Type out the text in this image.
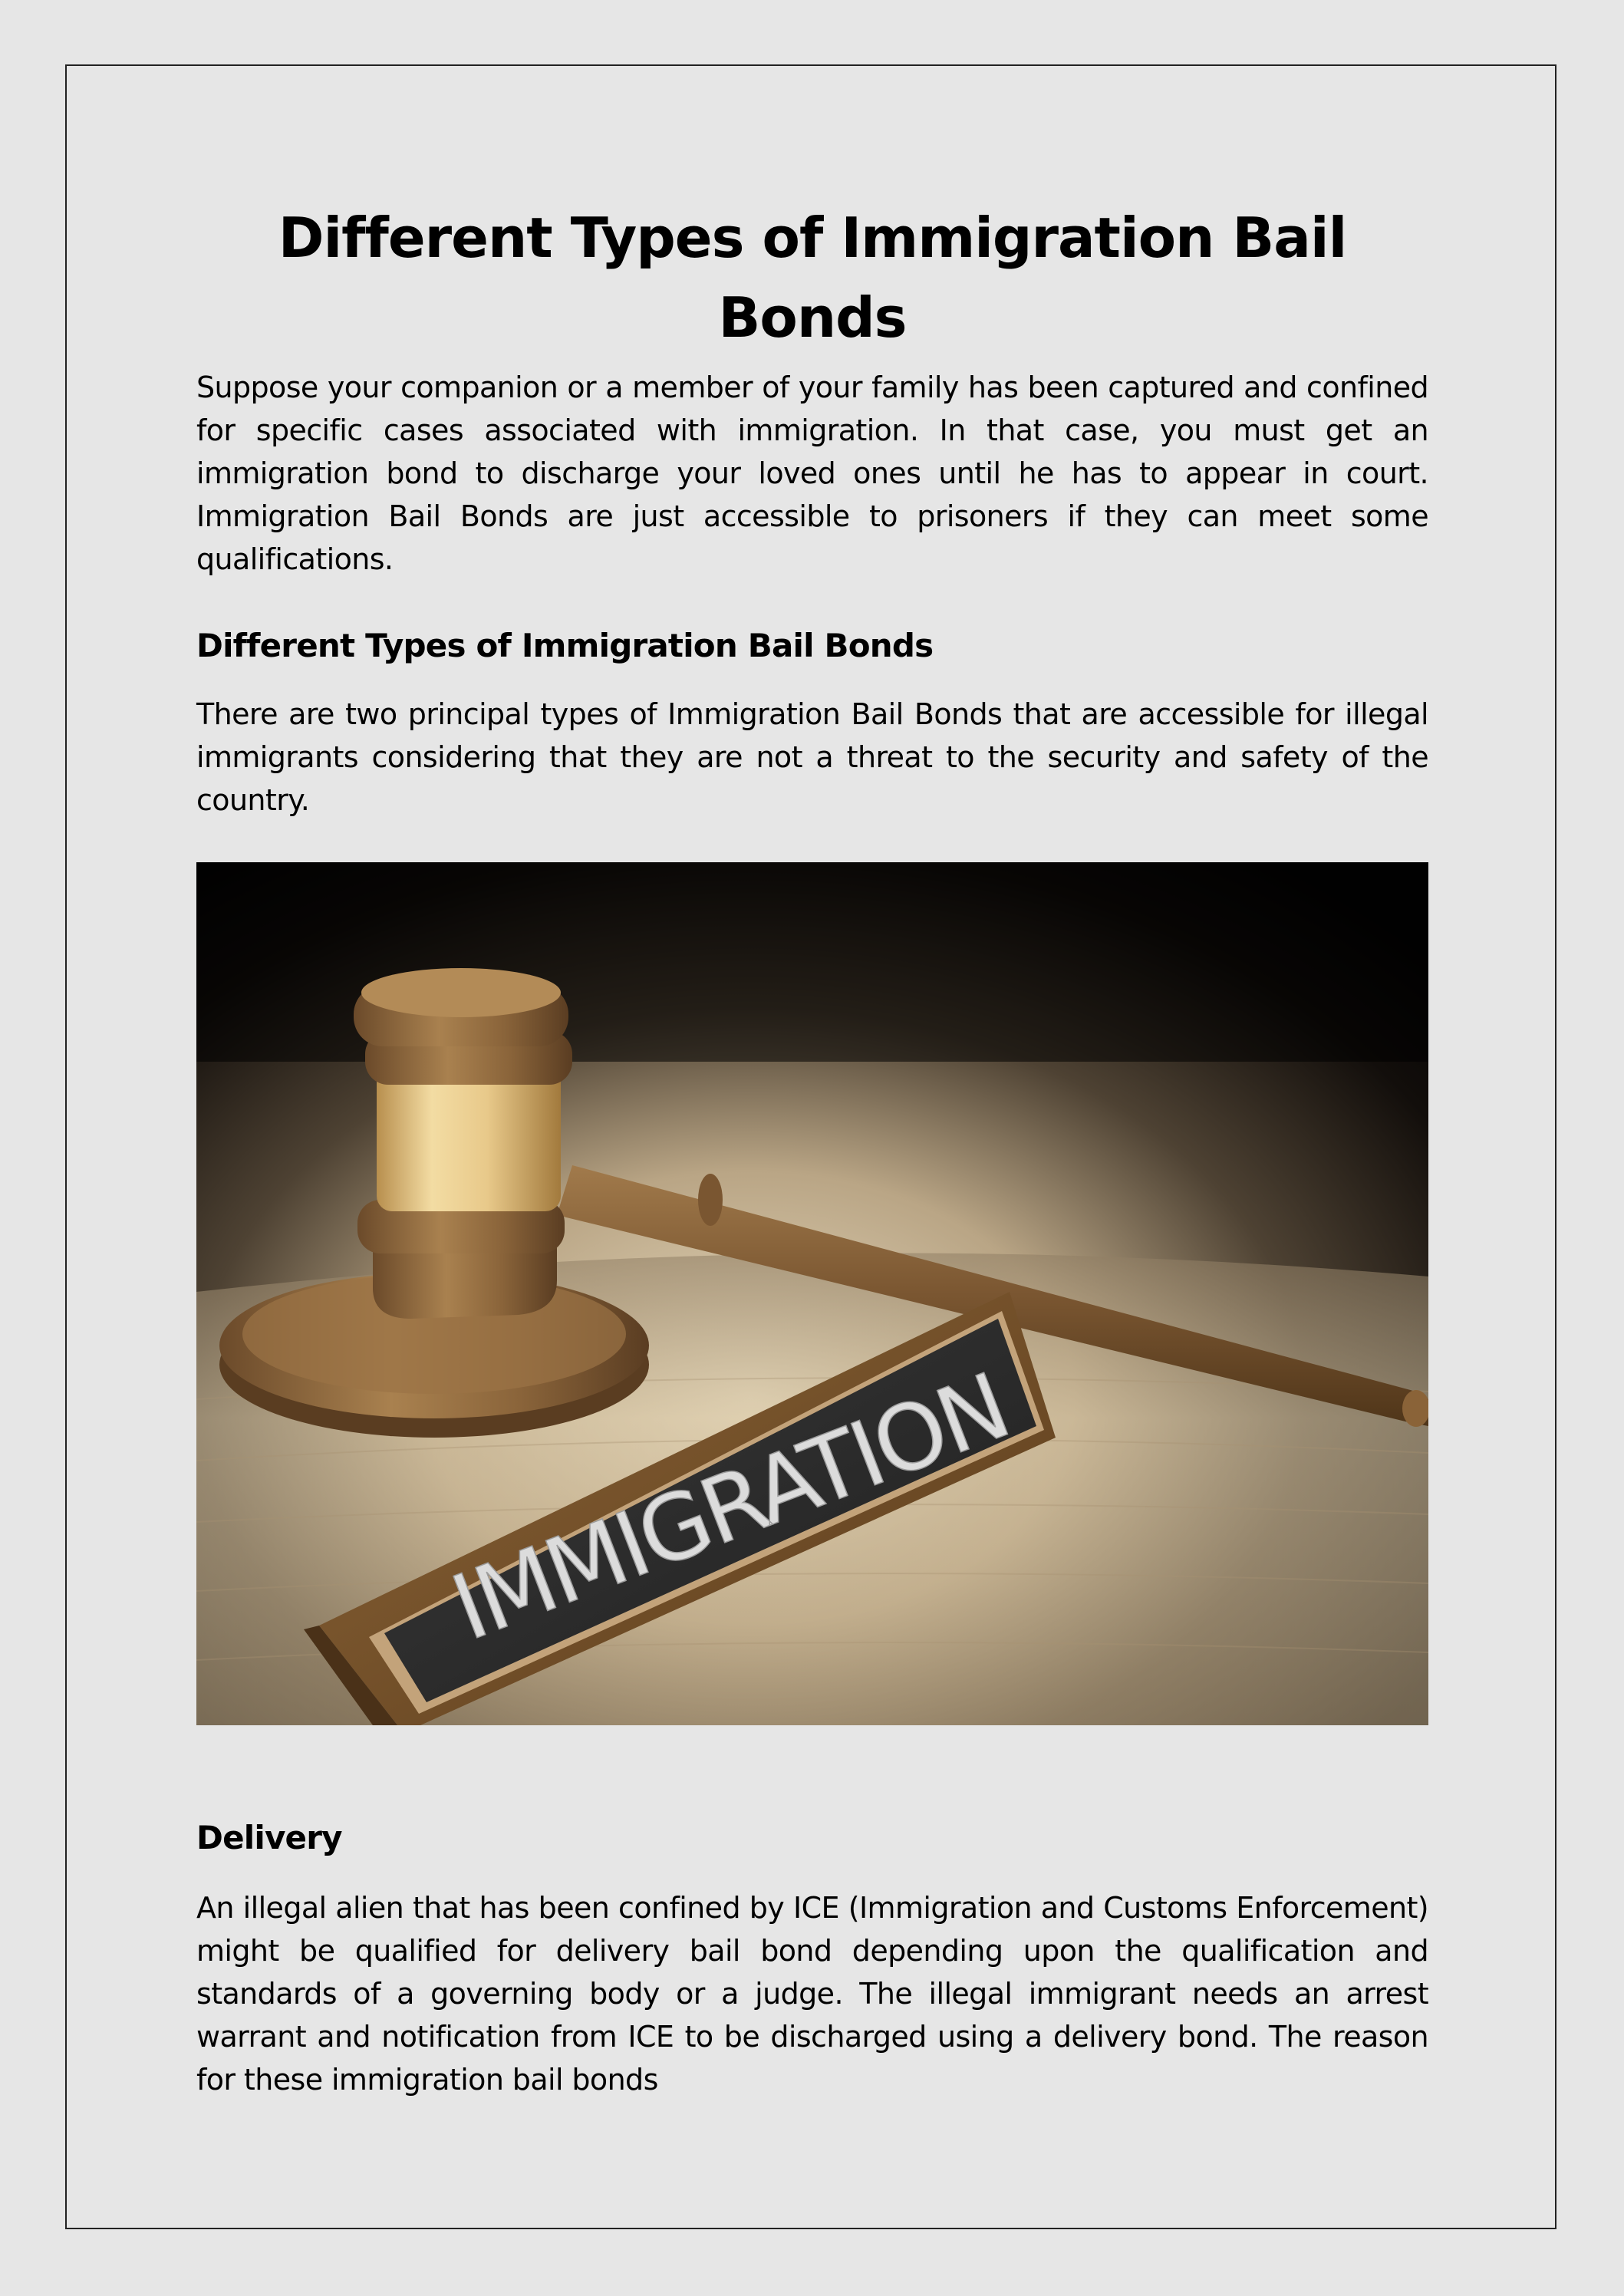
Different Types of Immigration Bail Bonds

Suppose your companion or a member of your family has been captured and confined for specific cases associated with immigration. In that case, you must get an immigration bond to discharge your loved ones until he has to appear in court. Immigration Bail Bonds are just accessible to prisoners if they can meet some qualifications.

Different Types of Immigration Bail Bonds

There are two principal types of Immigration Bail Bonds that are accessible for illegal immigrants considering that they are not a threat to the security and safety of the country.

IMMIGRATION
Delivery

An illegal alien that has been confined by ICE (Immigration and Customs Enforcement) might be qualified for delivery bail bond depending upon the qualification and standards of a governing body or a judge. The illegal immigrant needs an arrest warrant and notification from ICE to be discharged using a delivery bond. The reason for these immigration bail bonds
